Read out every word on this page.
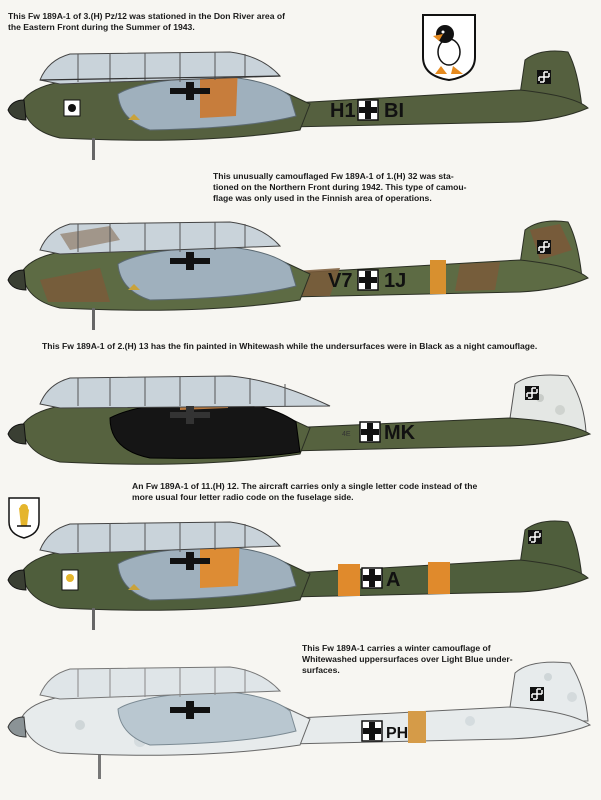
This Fw 189A-1 of 3.(H) Pz/12 was stationed in the Don River area of
the Eastern Front during the Summer of 1943.
H1 BI
This unusually camouflaged Fw 189A-1 of 1.(H) 32 was sta-
tioned on the Northern Front during 1942. This type of camou-
flage was only used in the Finnish area of operations.
V7 1J
This Fw 189A-1 of 2.(H) 13 has the fin painted in Whitewash while the undersurfaces were in Black as a night camouflage.
4E MK
An Fw 189A-1 of 11.(H) 12. The aircraft carries only a single letter code instead of the
more usual four letter radio code on the fuselage side.
A
This Fw 189A-1 carries a winter camouflage of
Whitewashed uppersurfaces over Light Blue under-
surfaces.
PH
